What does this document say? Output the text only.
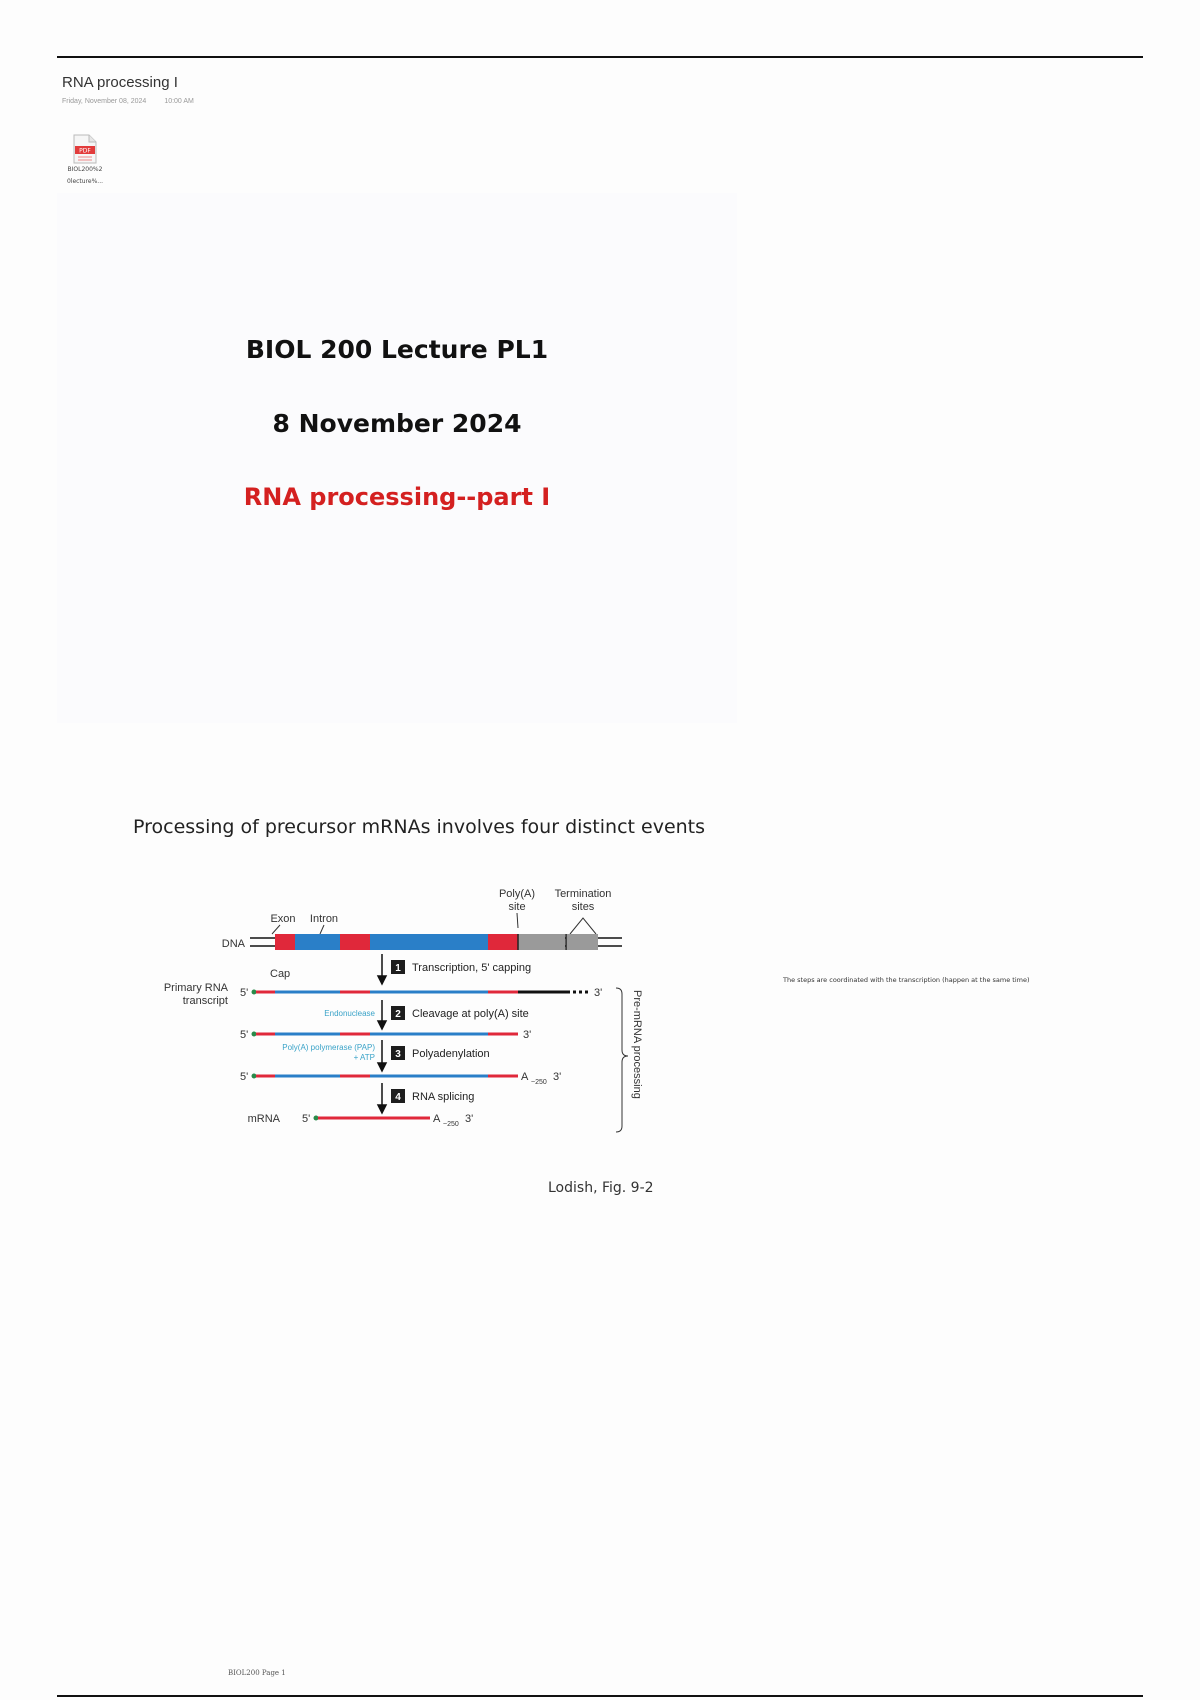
RNA processing I
Friday, November 08, 2024	10:00 AM
PDF
BIOL200%2
0lecture%...

BIOL 200 Lecture PL1

8 November 2024

RNA processing--part I

Processing of precursor mRNAs involves four distinct events
Poly(A)
site
Termination
sites
Exon Intron
DNA
1 Transcription, 5' capping
Primary RNA
transcript
Cap
5'	3'
Endonuclease 2 Cleavage at poly(A) site
5'	3'
Poly(A) polymerase (PAP)
+ ATP 3 Polyadenylation
5'	A ~250 3'
4 RNA splicing
mRNA 5'	A ~250 3'
Pre-mRNA processing
The steps are coordinated with the transcription (happen at the same time)
Lodish, Fig. 9-2
BIOL200 Page 1
